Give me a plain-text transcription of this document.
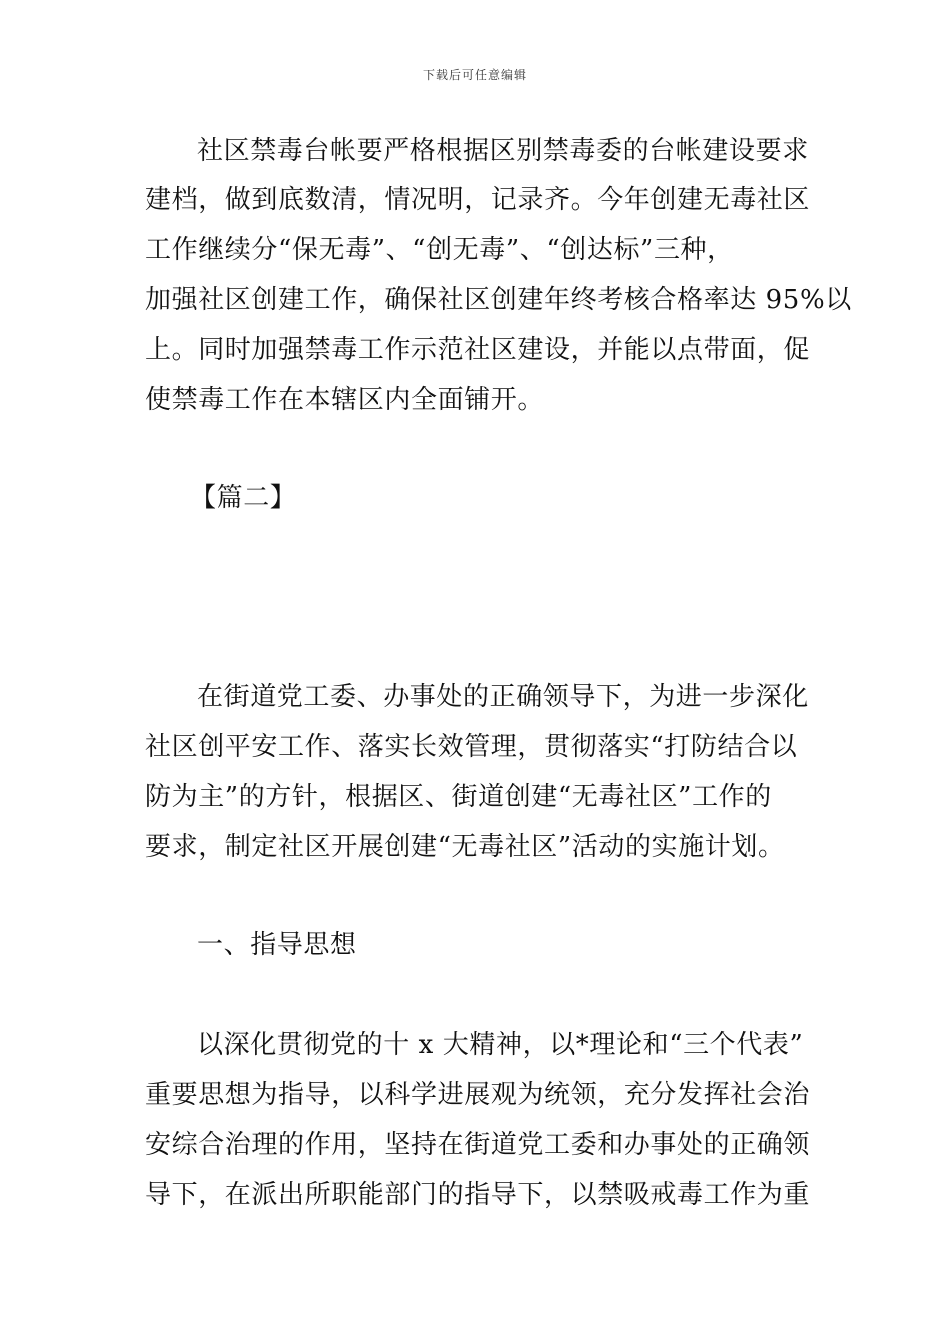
下载后可任意编辑
社区禁毒台帐要严格根据区别禁毒委的台帐建设要求
建档，做到底数清，情况明，记录齐。今年创建无毒社区
工作继续分“保无毒”、“创无毒”、“创达标”三种，
加强社区创建工作，确保社区创建年终考核合格率达 95%以
上。同时加强禁毒工作示范社区建设，并能以点带面，促
使禁毒工作在本辖区内全面铺开。
【篇二】
在街道党工委、办事处的正确领导下，为进一步深化
社区创平安工作、落实长效管理，贯彻落实“打防结合以
防为主”的方针，根据区、街道创建“无毒社区”工作的
要求，制定社区开展创建“无毒社区”活动的实施计划。
一、指导思想
以深化贯彻党的十 x 大精神，以*理论和“三个代表”
重要思想为指导，以科学进展观为统领，充分发挥社会治
安综合治理的作用，坚持在街道党工委和办事处的正确领
导下，在派出所职能部门的指导下，以禁吸戒毒工作为重
